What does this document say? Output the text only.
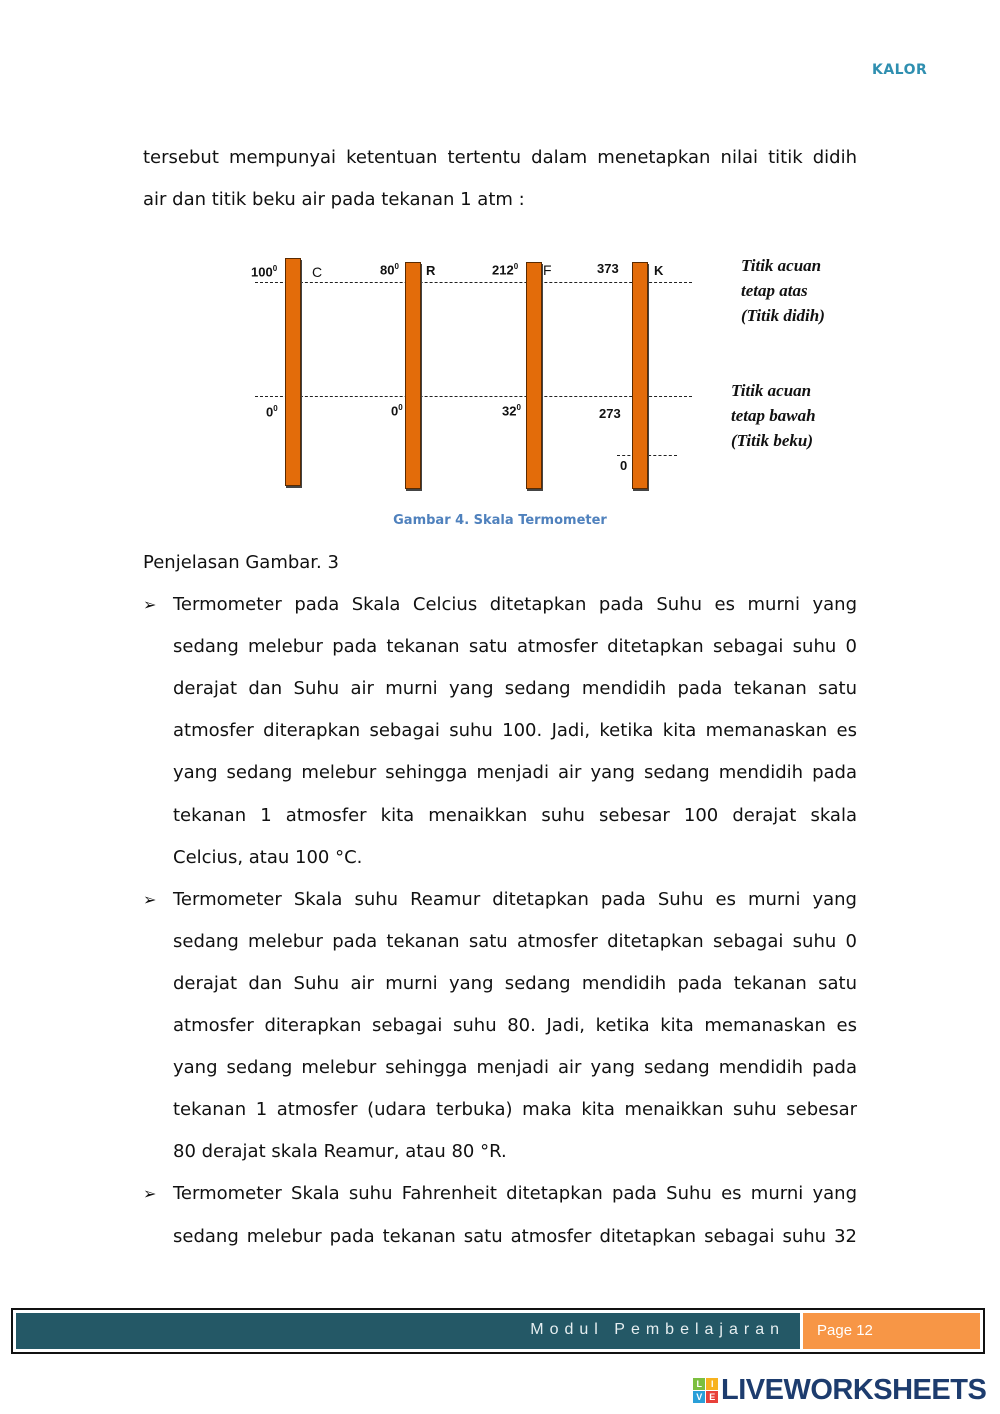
KALOR
tersebut mempunyai ketentuan tertentu dalam menetapkan nilai titik didih
air dan titik beku air pada tekanan 1 atm :
$100^0$ C
$0^0$
$80^0$ R
$0^0$
$212^0$ F
$32^0$
373	K
273
0
Titik acuan
tetap atas
(Titik didih)
Titik acuan
tetap bawah
(Titik beku)
Gambar 4. Skala Termometer
Penjelasan Gambar. 3
➢ Termometer pada Skala Celcius ditetapkan pada Suhu es murni yang
sedang melebur pada tekanan satu atmosfer ditetapkan sebagai suhu 0
derajat dan Suhu air murni yang sedang mendidih pada tekanan satu
atmosfer diterapkan sebagai suhu 100. Jadi, ketika kita memanaskan es
yang sedang melebur sehingga menjadi air yang sedang mendidih pada
tekanan 1 atmosfer kita menaikkan suhu sebesar 100 derajat skala
Celcius, atau 100 °C.
➢ Termometer Skala suhu Reamur ditetapkan pada Suhu es murni yang
sedang melebur pada tekanan satu atmosfer ditetapkan sebagai suhu 0
derajat dan Suhu air murni yang sedang mendidih pada tekanan satu
atmosfer diterapkan sebagai suhu 80. Jadi, ketika kita memanaskan es
yang sedang melebur sehingga menjadi air yang sedang mendidih pada
tekanan 1 atmosfer (udara terbuka) maka kita menaikkan suhu sebesar
80 derajat skala Reamur, atau 80 °R.
➢ Termometer Skala suhu Fahrenheit ditetapkan pada Suhu es murni yang
sedang melebur pada tekanan satu atmosfer ditetapkan sebagai suhu 32
Modul Pembelajaran Page 12
L	I
V E LIVEWORKSHEETS
